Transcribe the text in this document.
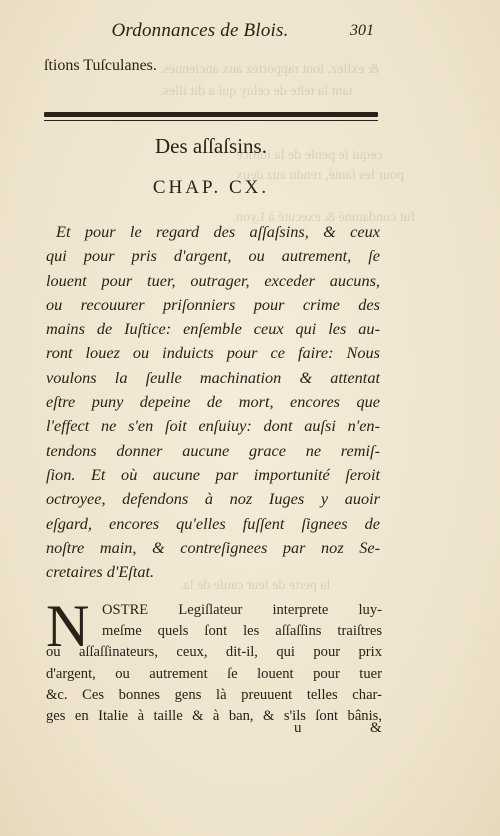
& exilez, ſont rapportez aux anciennes.
tant la teſte de celuy qui a dit illes.
cequi ſe penſe de la iuſtice
pour les ſanté, rendu auz deux
fut condamné & executé à Lyon
la perte de leur cauſe de la.
Ordonnances de Blois.	301
ſtions Tuſculanes.
Des aſſaſsins.
CHAP. CX.
Et pour le regard des aſſaſsins, & ceux
qui pour pris d'argent, ou autrement, ſe
louent pour tuer, outrager, exceder aucuns,
ou recouurer priſonniers pour crime des
mains de Iuſtice: enſemble ceux qui les au-
ront louez ou induicts pour ce faire: Nous
voulons la ſeulle machination & attentat
eſtre puny depeine de mort, encores que
l'effect ne s'en ſoit enſuiuy: dont auſsi n'en-
tendons donner aucune grace ne remiſ-
ſion. Et où aucune par importunité ſeroit
octroyee, defendons à noz Iuges y auoir
eſgard, encores qu'elles fuſſent ſignees de
noſtre main, & contreſignees par noz Se-
cretaires d'Eſtat.
N OSTRE Legiſlateur interprete luy-
meſme quels ſont les aſſaſſins traiſtres
ou aſſaſſinateurs, ceux, dit-il, qui pour prix
d'argent, ou autrement ſe louent pour tuer
&c. Ces bonnes gens là preuuent telles char-
ges en Italie à taille & à ban, & s'ils ſont bânis,
u	&
